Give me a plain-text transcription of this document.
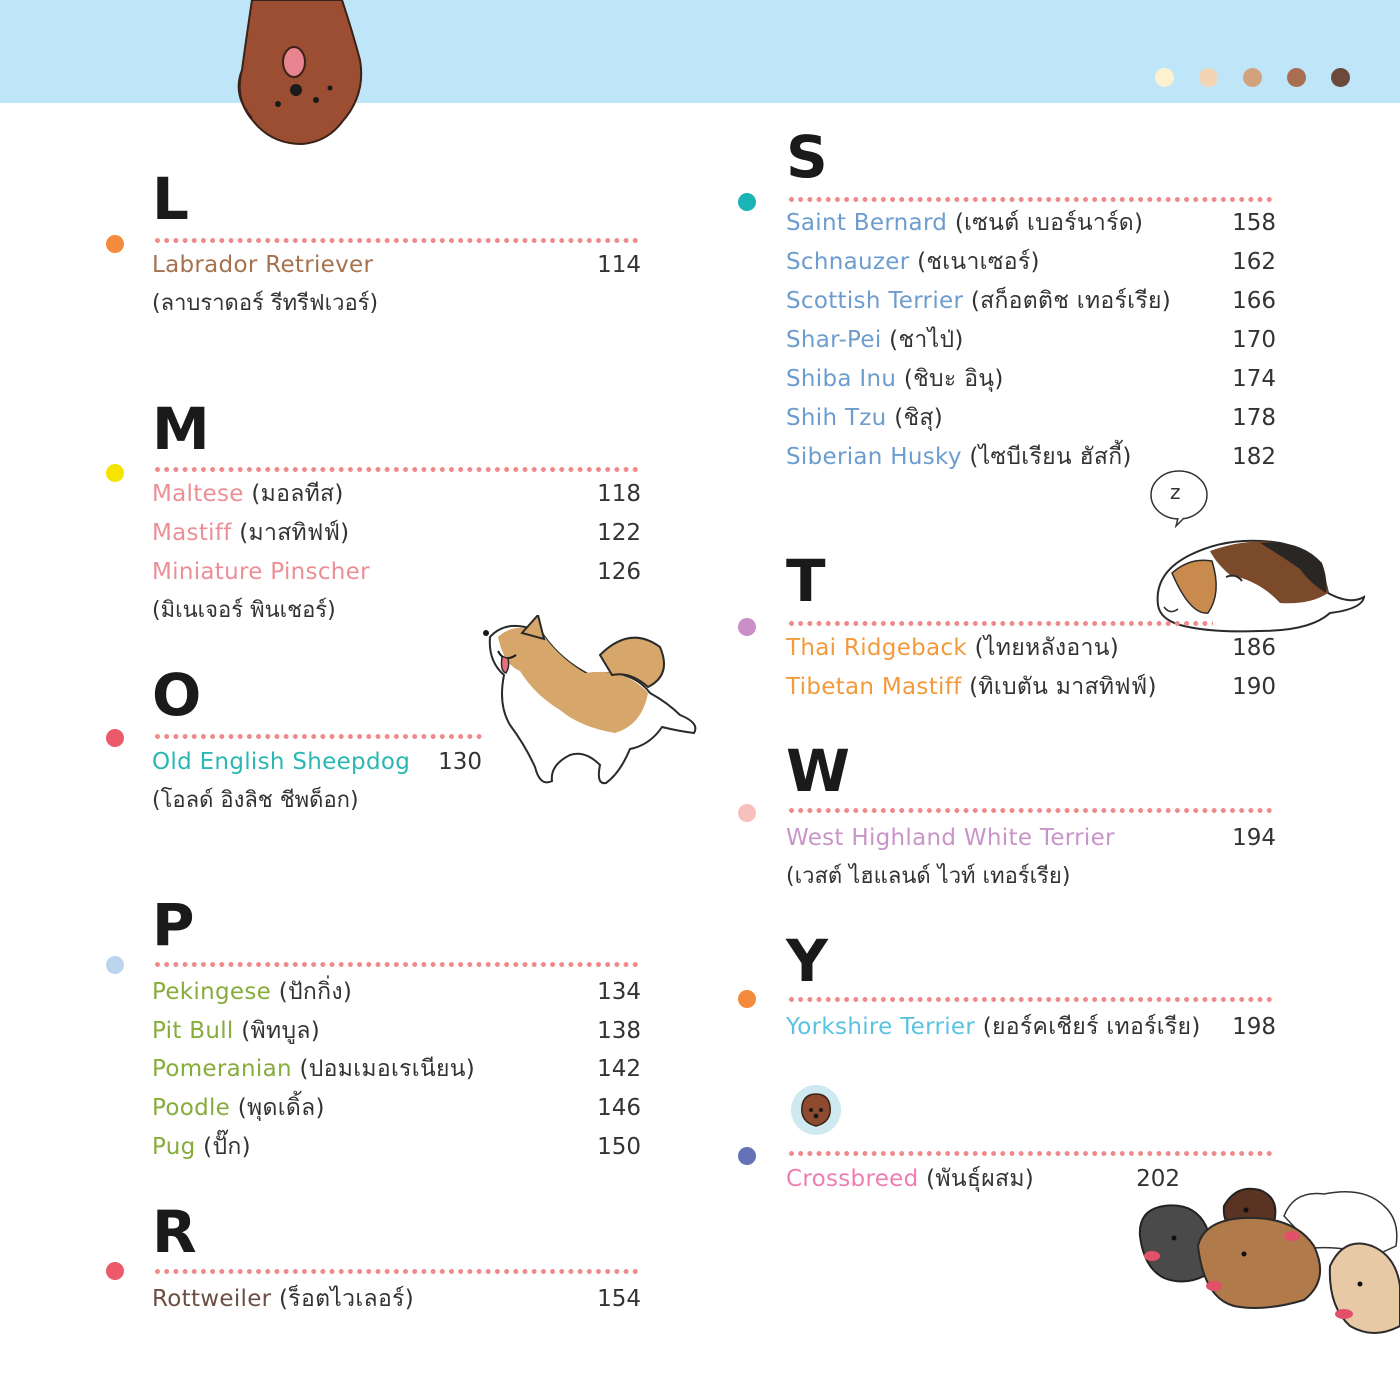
L
Labrador Retriever	114
(ลาบราดอร์ รีทรีฟเวอร์)
M
Maltese (มอลทีส)	118
Mastiff (มาสทิฟฟ์)	122
Miniature Pinscher	126
(มิเนเจอร์ พินเชอร์)
O
Old English Sheepdog	130
(โอลด์ อิงลิช ชีพด็อก)
P
Pekingese (ปักกิ่ง)	134
Pit Bull (พิทบูล)	138
Pomeranian (ปอมเมอเรเนียน)	142
Poodle (พุดเดิ้ล)	146
Pug (ปั๊ก)	150
R
Rottweiler (ร็อตไวเลอร์)	154
S
Saint Bernard (เซนต์ เบอร์นาร์ด)	158
Schnauzer (ชเนาเซอร์)	162
Scottish Terrier (สก็อตติช เทอร์เรีย)	166
Shar-Pei (ชาไป่)	170
Shiba Inu (ชิบะ อินุ)	174
Shih Tzu (ชิสุ)	178
Siberian Husky (ไซบีเรียน ฮัสกี้)	182
z
T
Thai Ridgeback (ไทยหลังอาน)	186
Tibetan Mastiff (ทิเบตัน มาสทิฟฟ์)	190
W
West Highland White Terrier	194
(เวสต์ ไฮแลนด์ ไวท์ เทอร์เรีย)
Y
Yorkshire Terrier (ยอร์คเชียร์ เทอร์เรีย)	198
Crossbreed (พันธุ์ผสม)	202
